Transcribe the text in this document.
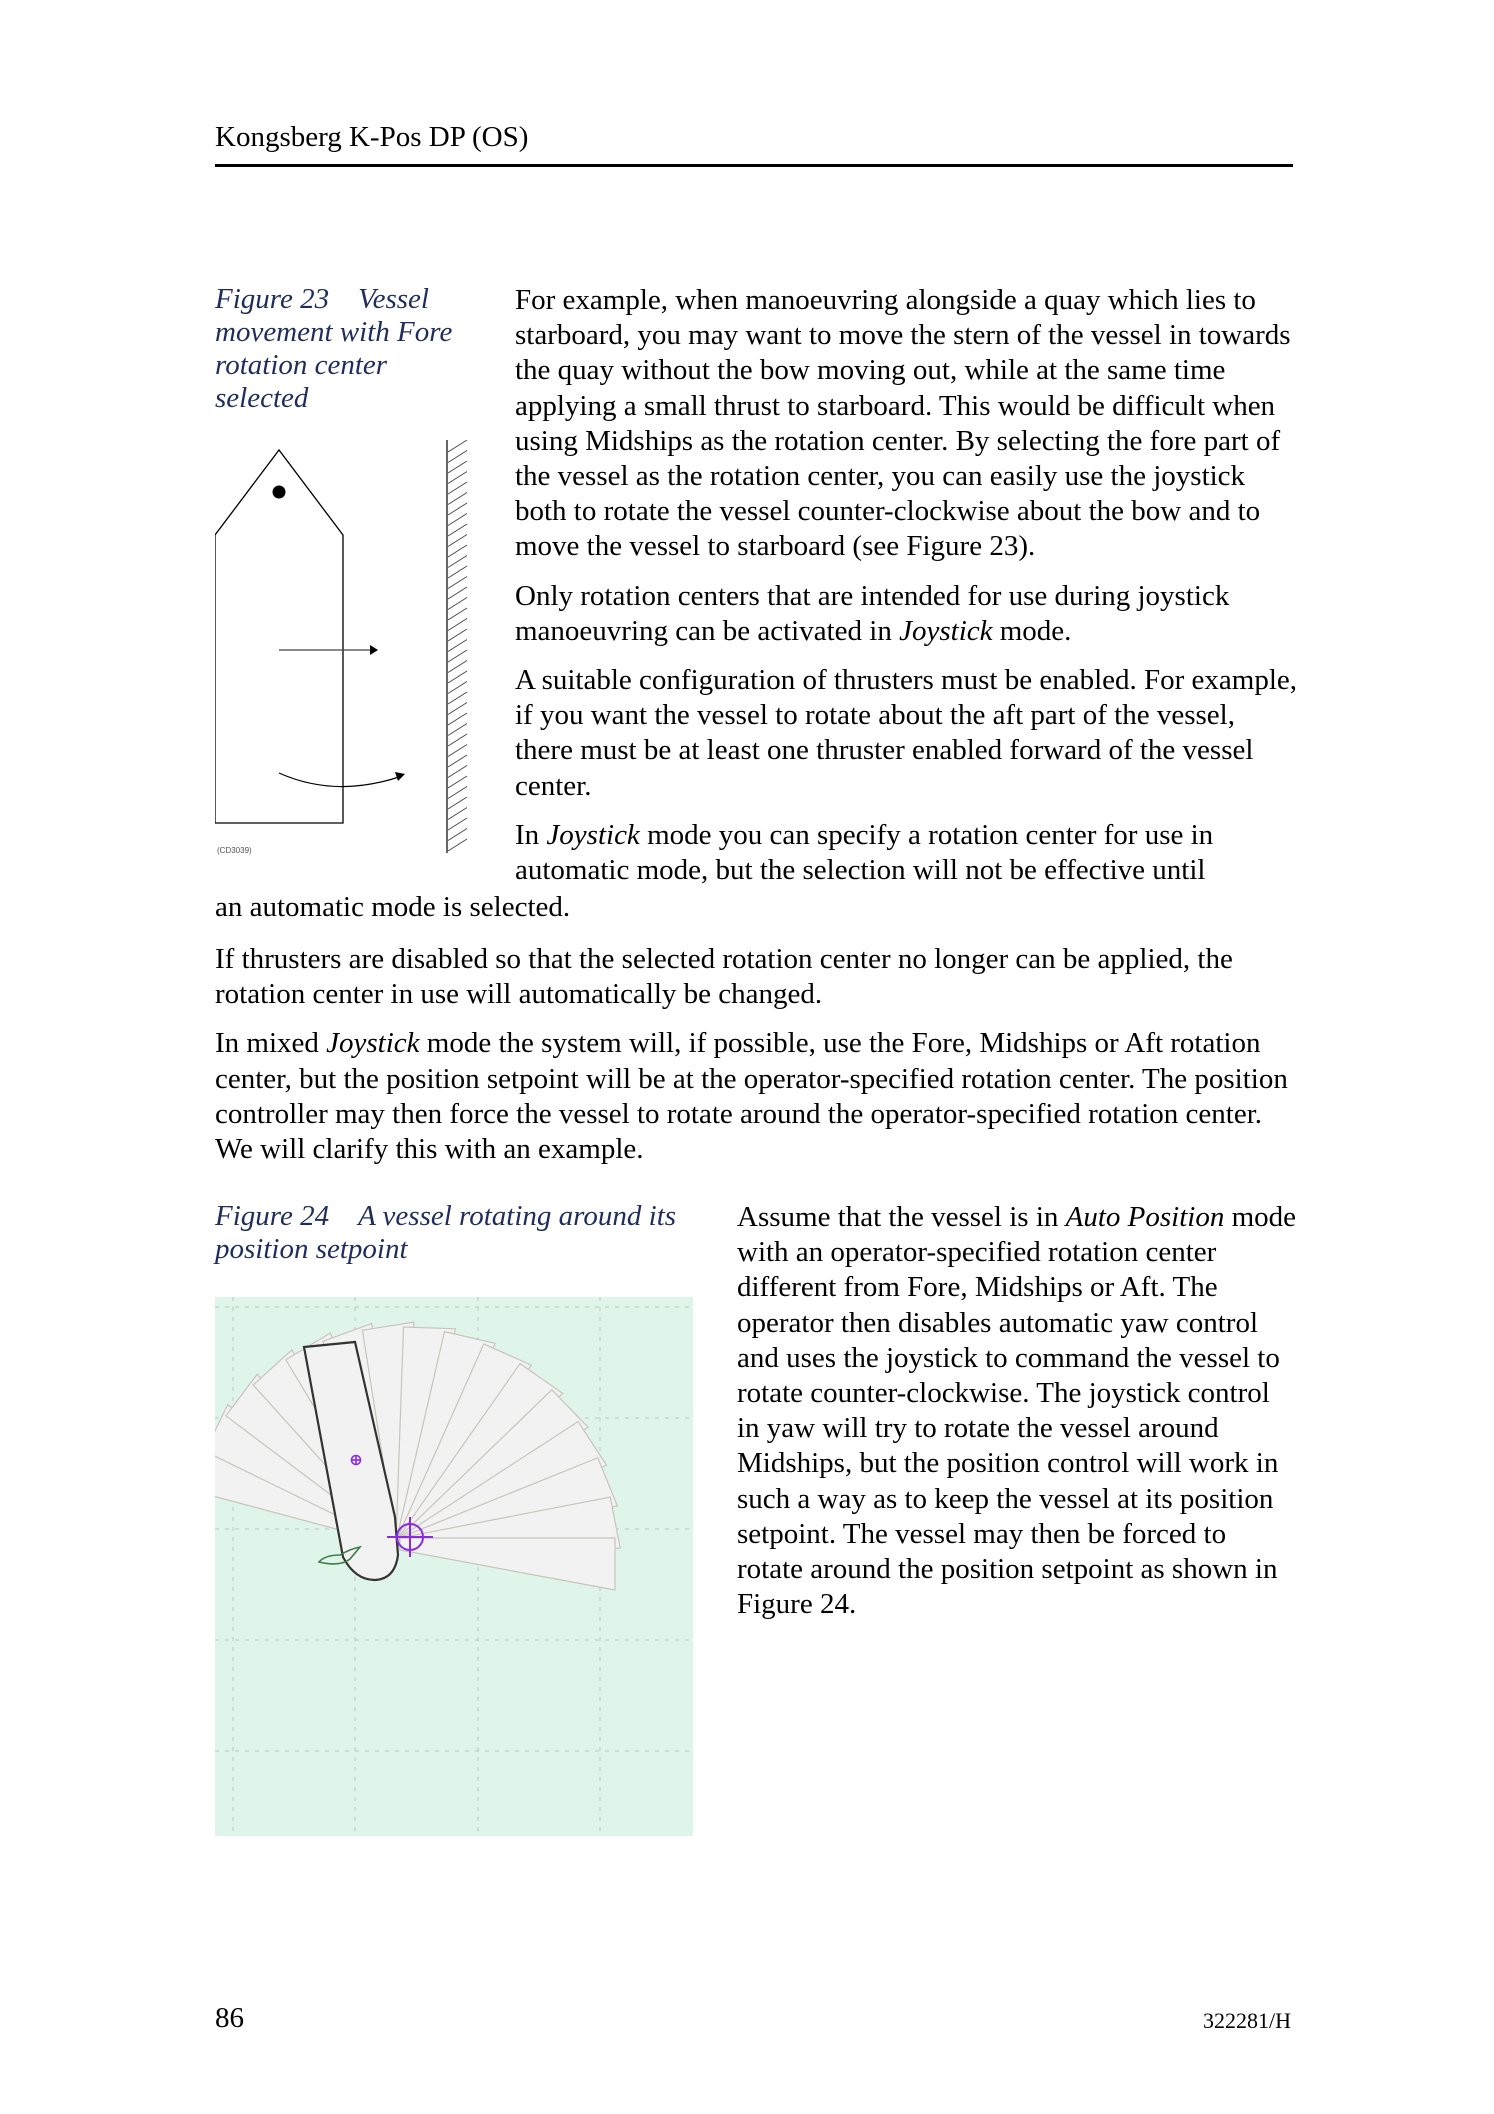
Kongsberg K-Pos DP (OS)
Figure 23 Vessel movement with Fore rotation center selected
(CD3039)

For example, when manoeuvring alongside a quay which lies to starboard, you may want to move the stern of the vessel in towards the quay without the bow moving out, while at the same time applying a small thrust to starboard. This would be difficult when using Midships as the rotation center. By selecting the fore part of the vessel as the rotation center, you can easily use the joystick both to rotate the vessel counter-clockwise about the bow and to move the vessel to starboard (see Figure 23).

Only rotation centers that are intended for use during joystick manoeuvring can be activated in Joystick mode.

A suitable configuration of thrusters must be enabled. For example, if you want the vessel to rotate about the aft part of the vessel, there must be at least one thruster enabled forward of the vessel center.

In Joystick mode you can specify a rotation center for use in automatic mode, but the selection will not be effective until

an automatic mode is selected.

If thrusters are disabled so that the selected rotation center no longer can be applied, the rotation center in use will automatically be changed.

In mixed Joystick mode the system will, if possible, use the Fore, Midships or Aft rotation center, but the position setpoint will be at the operator-specified rotation center. The position controller may then force the vessel to rotate around the operator-specified rotation center. We will clarify this with an example.

Figure 24 A vessel rotating around its position setpoint

Assume that the vessel is in Auto Position mode with an operator-specified rotation center different from Fore, Midships or Aft. The operator then disables automatic yaw control and uses the joystick to command the vessel to rotate counter-clockwise. The joystick control in yaw will try to rotate the vessel around Midships, but the position control will work in such a way as to keep the vessel at its position setpoint. The vessel may then be forced to rotate around the position setpoint as shown in Figure 24.

86	322281/H
